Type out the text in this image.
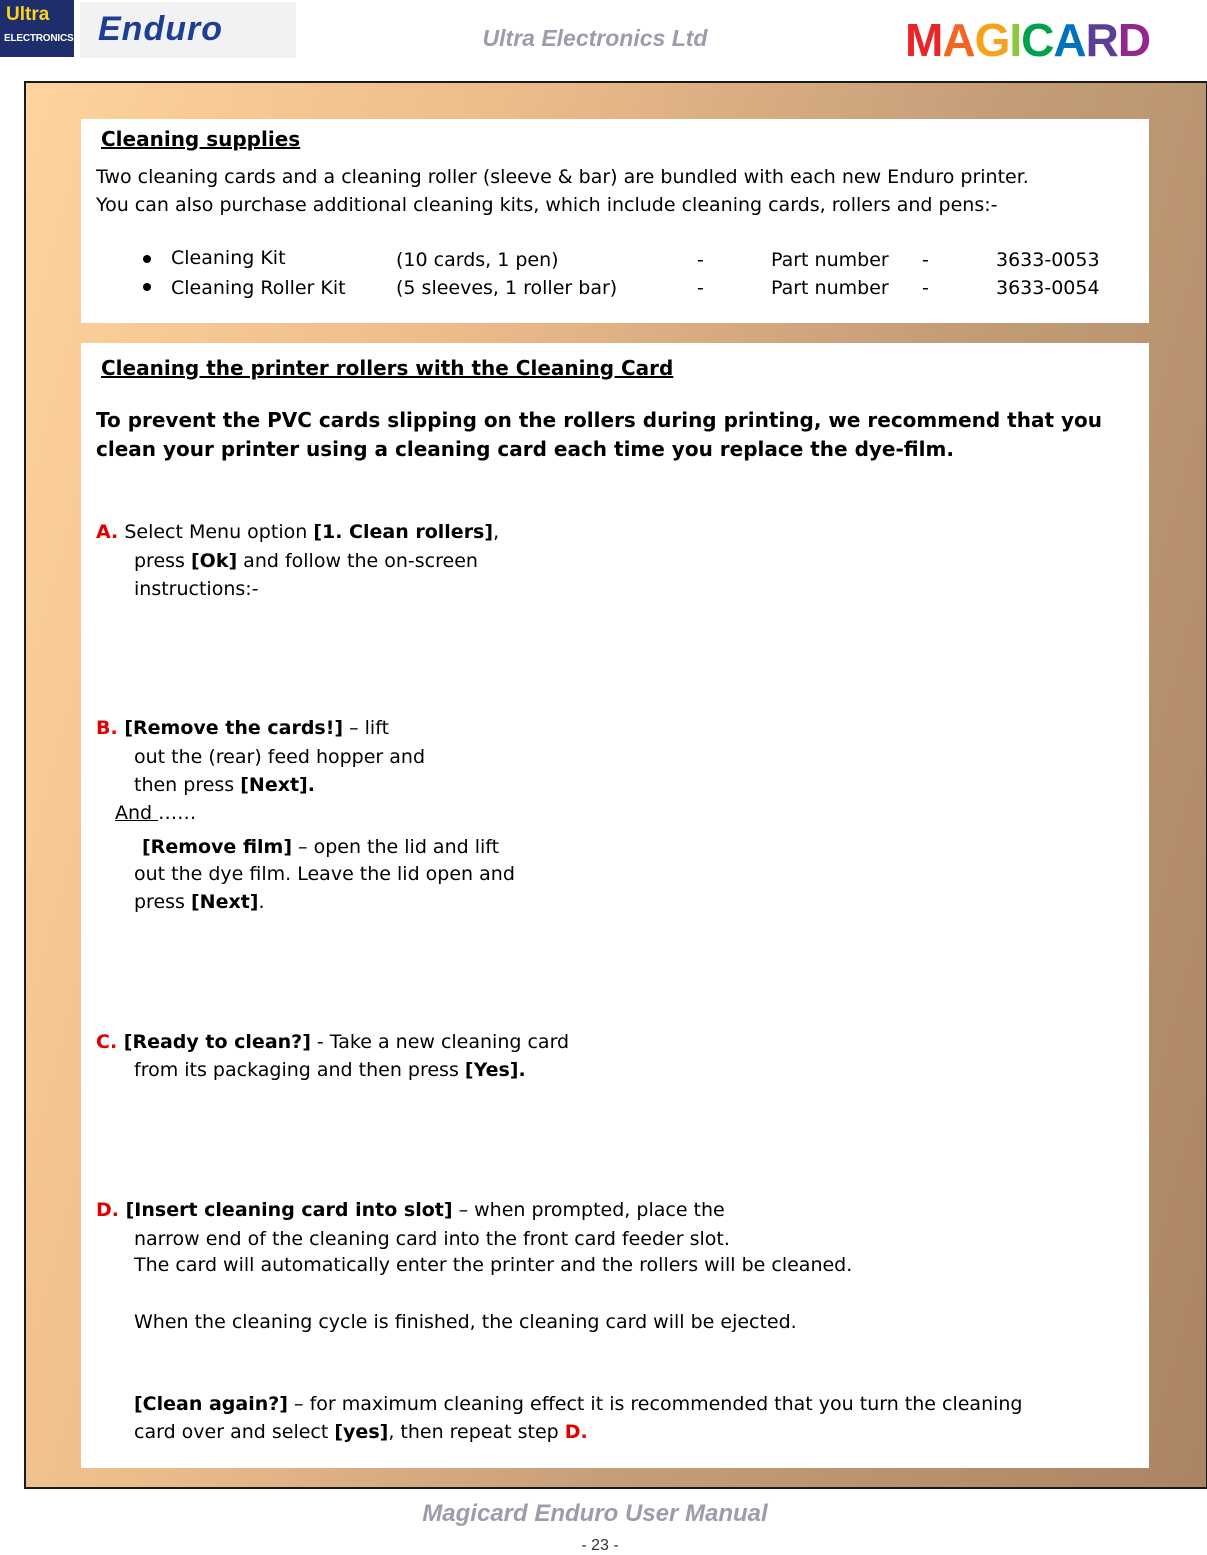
Ultra
ELECTRONICS Enduro	Ultra Electronics Ltd	MAGICARD
Cleaning supplies
Two cleaning cards and a cleaning roller (sleeve & bar) are bundled with each new Enduro printer.
You can also purchase additional cleaning kits, which include cleaning cards, rollers and pens:-
Cleaning Kit	(10 cards, 1 pen)	-	Part number -	3633-0053
Cleaning Roller Kit	(5 sleeves, 1 roller bar)	-	Part number -	3633-0054
Cleaning the printer rollers with the Cleaning Card
To prevent the PVC cards slipping on the rollers during printing, we recommend that you
clean your printer using a cleaning card each time you replace the dye-film.
A. Select Menu option [1. Clean rollers],
press [Ok] and follow the on-screen
instructions:-
B. [Remove the cards!] – lift
out the (rear) feed hopper and
then press [Next].
And ……
[Remove film] – open the lid and lift
out the dye film. Leave the lid open and
press [Next].
C. [Ready to clean?] - Take a new cleaning card
from its packaging and then press [Yes].
D. [Insert cleaning card into slot] – when prompted, place the
narrow end of the cleaning card into the front card feeder slot.
The card will automatically enter the printer and the rollers will be cleaned.
When the cleaning cycle is finished, the cleaning card will be ejected.
[Clean again?] – for maximum cleaning effect it is recommended that you turn the cleaning
card over and select [yes], then repeat step D.
Magicard Enduro User Manual
- 23 -
